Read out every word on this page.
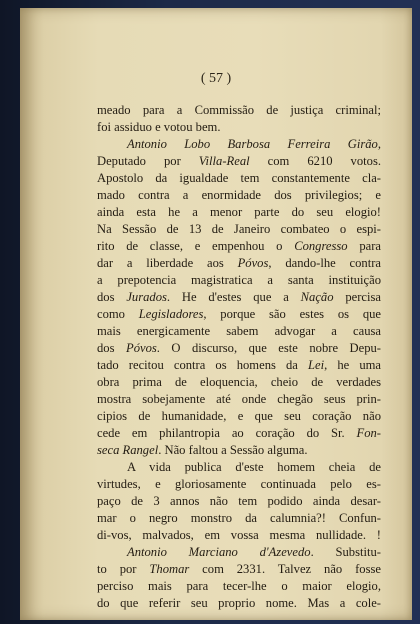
( 57 )
meado para a Commissão de justiça criminal;
foi assiduo e votou bem.
Antonio Lobo Barbosa Ferreira Girão,
Deputado por Villa-Real com 6210 votos.
Apostolo da igualdade tem constantemente cla-
mado contra a enormidade dos privilegios; e
ainda esta he a menor parte do seu elogio!
Na Sessão de 13 de Janeiro combateo o espi-
rito de classe, e empenhou o Congresso para
dar a liberdade aos Póvos, dando-lhe contra
a prepotencia magistratica a santa instituição
dos Jurados. He d'estes que a Nação percisa
como Legisladores, porque são estes os que
mais energicamente sabem advogar a causa
dos Póvos. O discurso, que este nobre Depu-
tado recitou contra os homens da Lei, he uma
obra prima de eloquencia, cheio de verdades
mostra sobejamente até onde chegão seus prin-
cipios de humanidade, e que seu coração não
cede em philantropia ao coração do Sr. Fon-
seca Rangel. Não faltou a Sessão alguma.
A vida publica d'este homem cheia de
virtudes, e gloriosamente continuada pelo es-
paço de 3 annos não tem podido ainda desar-
mar o negro monstro da calumnia?! Confun-
di-vos, malvados, em vossa mesma nullidade. !
Antonio Marciano d'Azevedo. Substitu-
to por Thomar com 2331. Talvez não fosse
perciso mais para tecer-lhe o maior elogio,
do que referir seu proprio nome. Mas a cole-
